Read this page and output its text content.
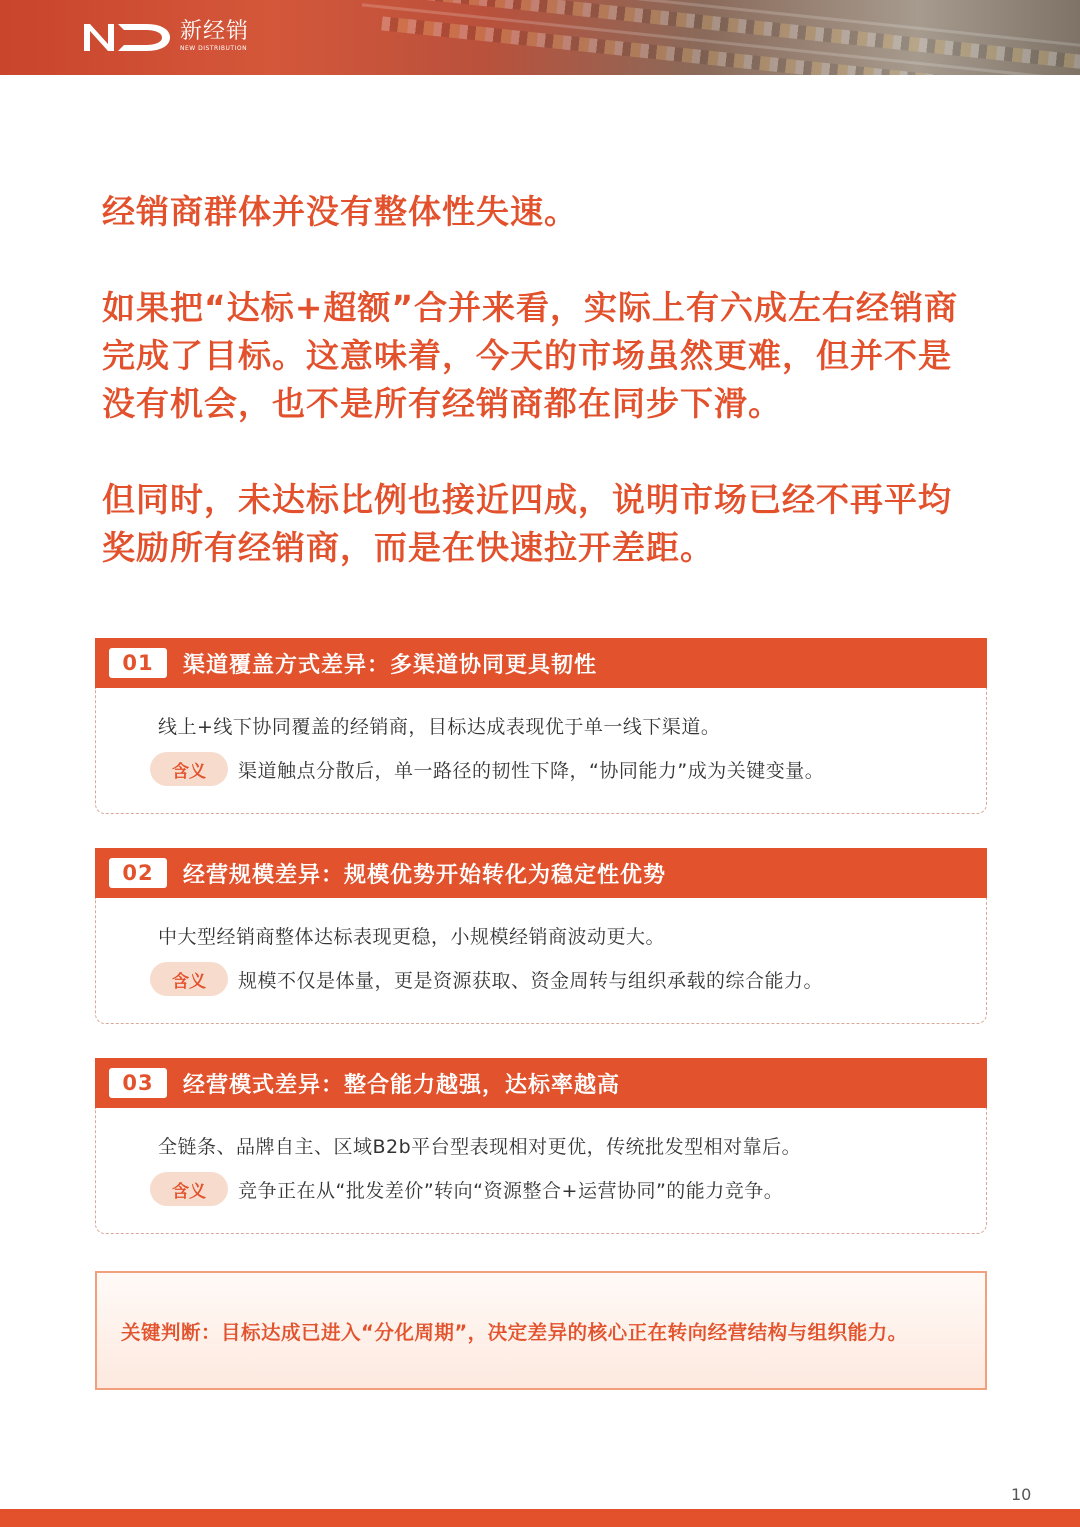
新经销
NEW DISTRIBUTION
经销商群体并没有整体性失速。
如果把“达标+超额”合并来看，实际上有六成左右经销商完成了目标。这意味着，今天的市场虽然更难，但并不是没有机会，也不是所有经销商都在同步下滑。
但同时，未达标比例也接近四成，说明市场已经不再平均奖励所有经销商，而是在快速拉开差距。
01	渠道覆盖方式差异：多渠道协同更具韧性
线上+线下协同覆盖的经销商，目标达成表现优于单一线下渠道。
含义	渠道触点分散后，单一路径的韧性下降，“协同能力”成为关键变量。
02	经营规模差异：规模优势开始转化为稳定性优势
中大型经销商整体达标表现更稳，小规模经销商波动更大。
含义	规模不仅是体量，更是资源获取、资金周转与组织承载的综合能力。
03	经营模式差异：整合能力越强，达标率越高
全链条、品牌自主、区域B2b平台型表现相对更优，传统批发型相对靠后。
含义	竞争正在从“批发差价”转向“资源整合+运营协同”的能力竞争。
关键判断：目标达成已进入“分化周期”，决定差异的核心正在转向经营结构与组织能力。
10
